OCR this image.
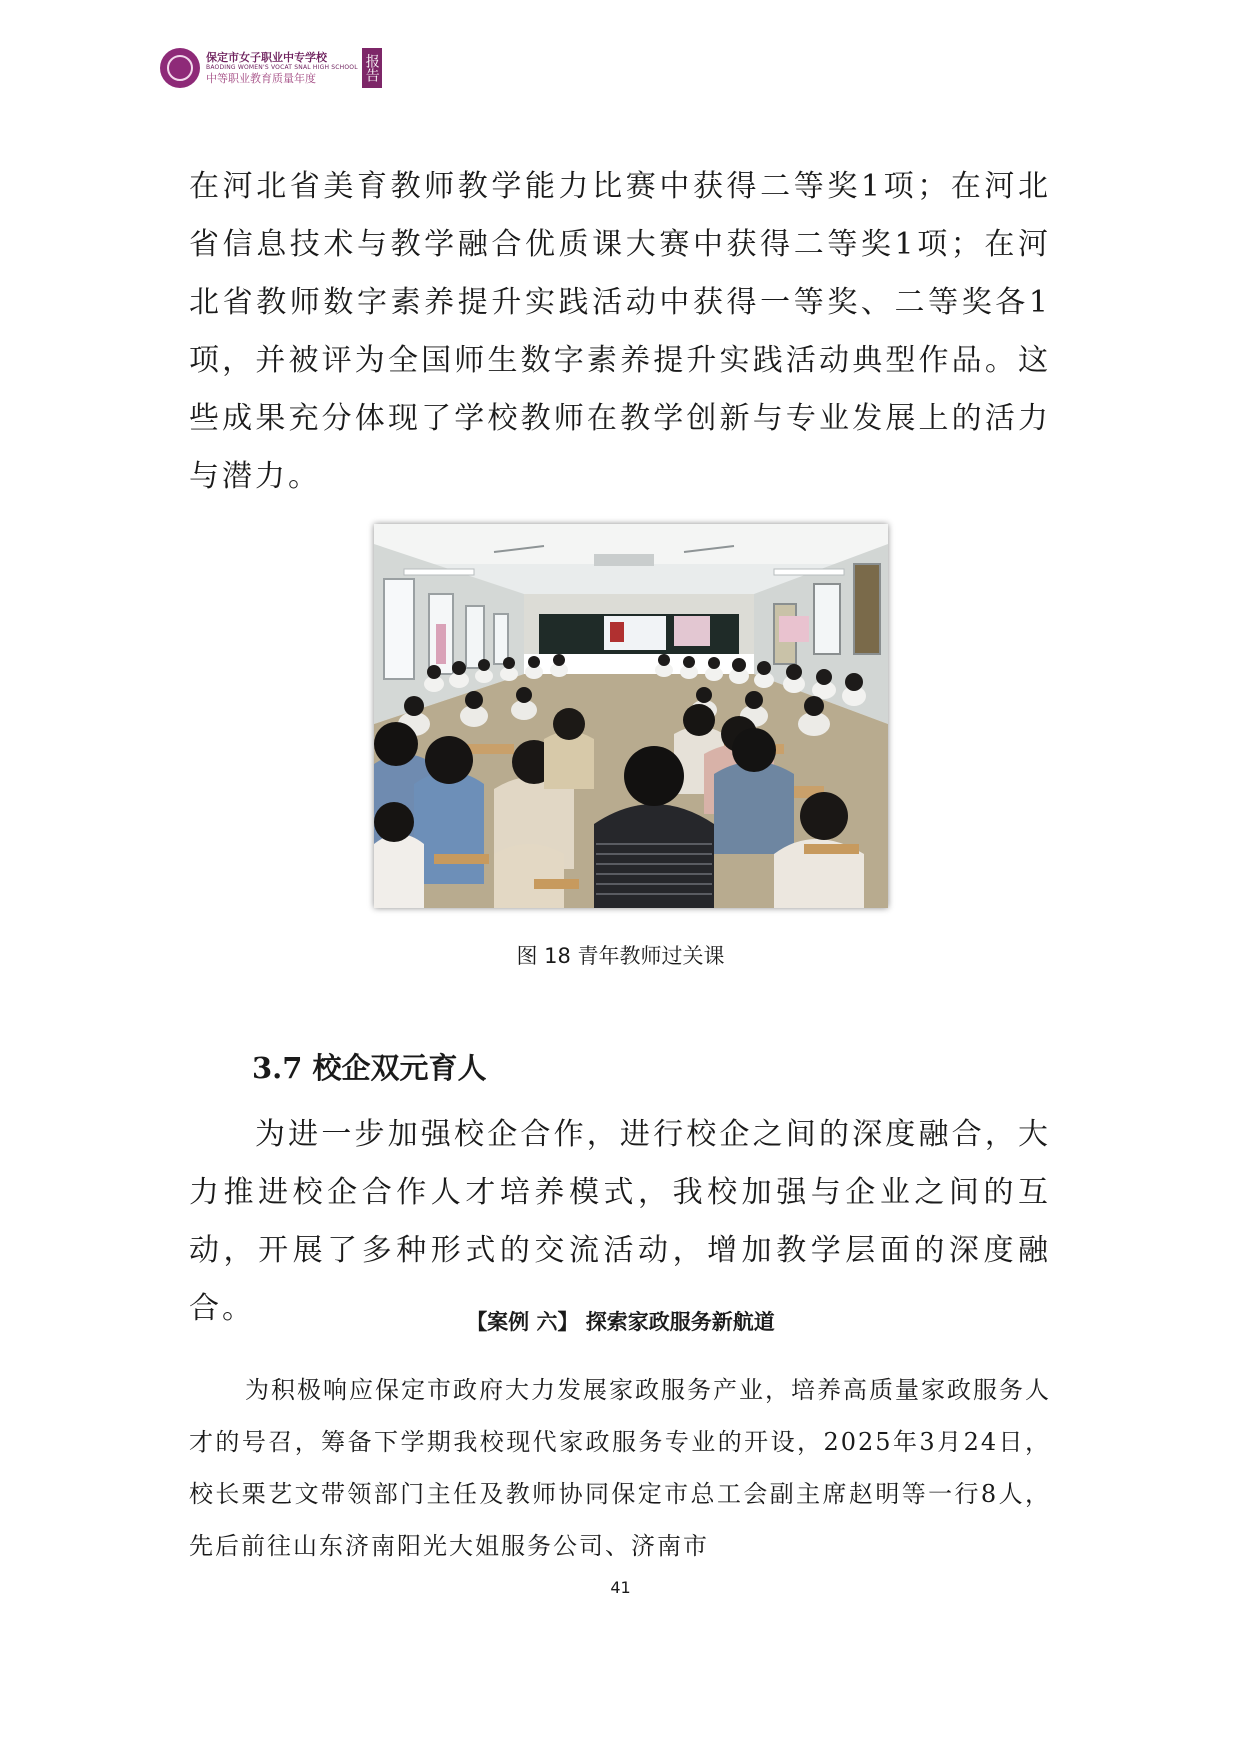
保定市女子职业中专学校
BAODING WOMEN'S VOCAT SNAL HIGH SCHOOL
中等职业教育质量年度	报告

在河北省美育教师教学能力比赛中获得二等奖1项；在河北省信息技术与教学融合优质课大赛中获得二等奖1项；在河北省教师数字素养提升实践活动中获得一等奖、二等奖各1项，并被评为全国师生数字素养提升实践活动典型作品。这些成果充分体现了学校教师在教学创新与专业发展上的活力与潜力。

图 18 青年教师过关课
3.7 校企双元育人

为进一步加强校企合作，进行校企之间的深度融合，大力推进校企合作人才培养模式，我校加强与企业之间的互动，开展了多种形式的交流活动，增加教学层面的深度融合。	【案例 六】 探索家政服务新航道

为积极响应保定市政府大力发展家政服务产业，培养高质量家政服务人才的号召，筹备下学期我校现代家政服务专业的开设，2025年3月24日，校长栗艺文带领部门主任及教师协同保定市总工会副主席赵明等一行8人，先后前往山东济南阳光大姐服务公司、济南市

41
